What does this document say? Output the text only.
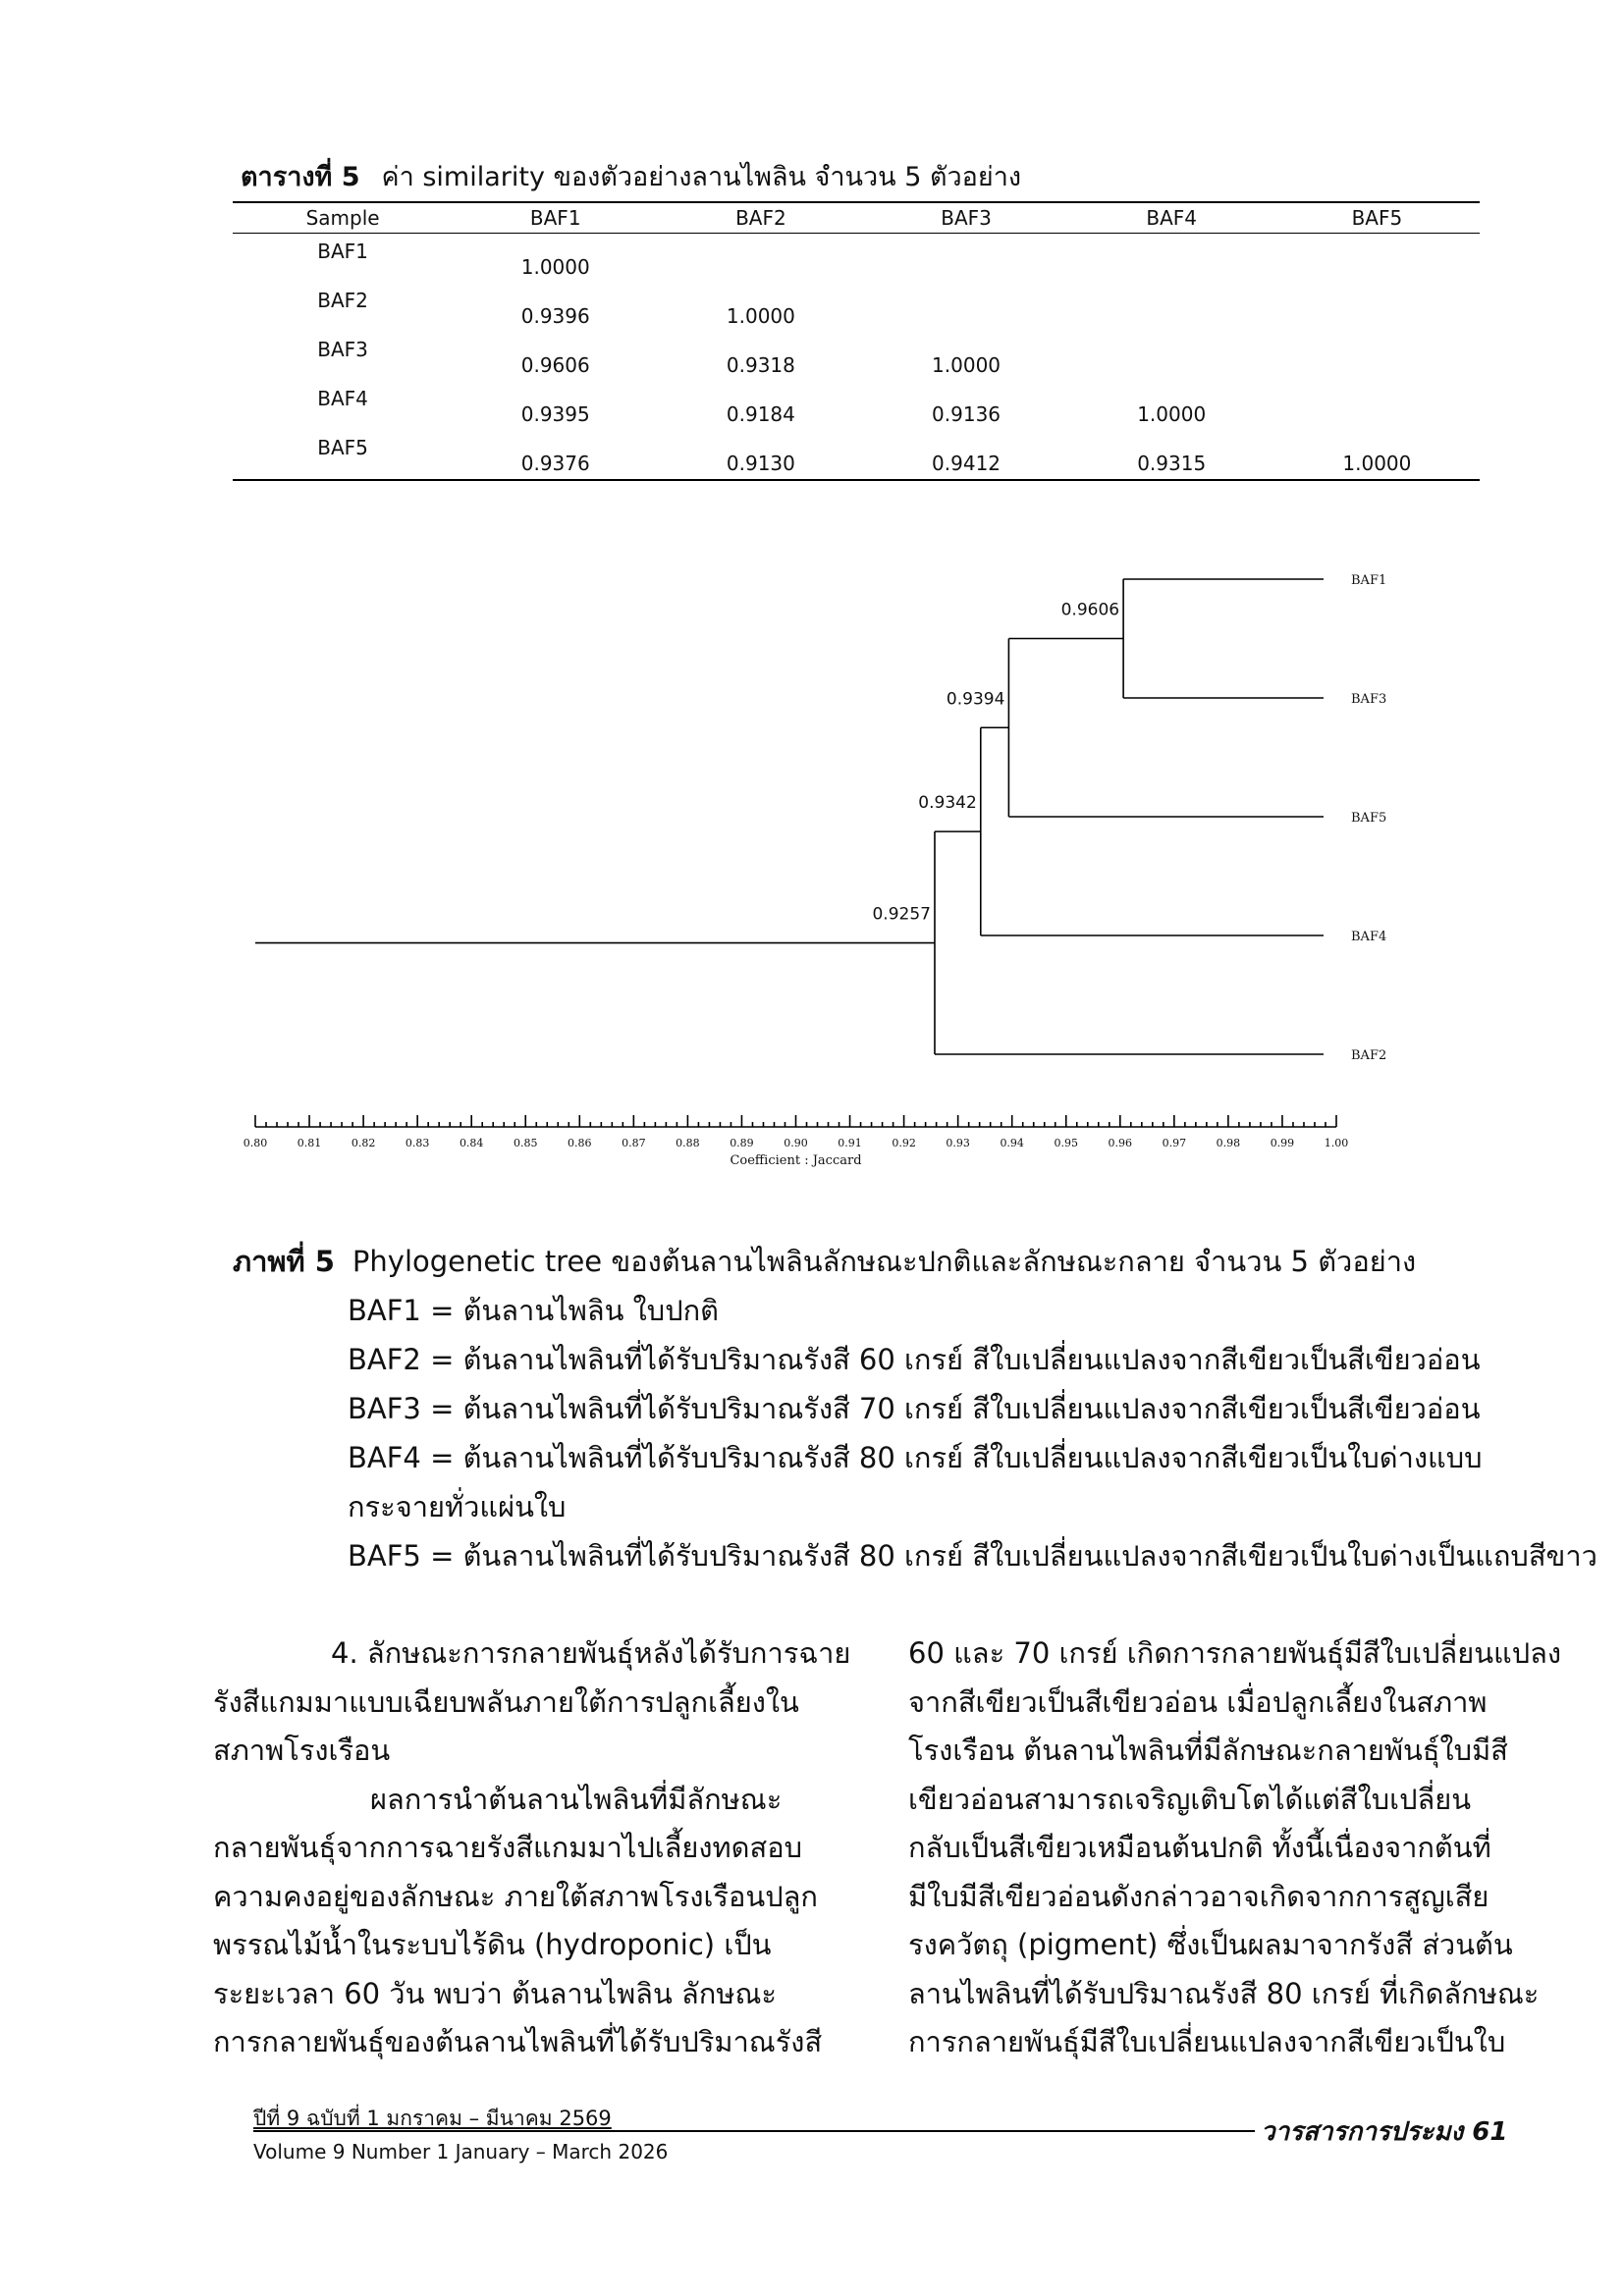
ตารางที่ 5 ค่า similarity ของตัวอย่างลานไพลิน จำนวน 5 ตัวอย่าง
Sample	BAF1	BAF2	BAF3	BAF4	BAF5
BAF1	1.0000				
BAF2	0.9396	1.0000			
BAF3	0.9606	0.9318	1.0000		
BAF4	0.9395	0.9184	0.9136	1.0000	
BAF5	0.9376	0.9130	0.9412	0.9315	1.0000
0.9606
0.9394
0.9342
0.9257
BAF1
BAF3
BAF5
BAF4
BAF2
0.80	0.81	0.82	0.83	0.84	0.85	0.86	0.87	0.88	0.89	0.90	0.91	0.92	0.93	0.94	0.95	0.96	0.97	0.98	0.99	1.00
Coefficient : Jaccard
ภาพที่ 5 Phylogenetic tree ของต้นลานไพลินลักษณะปกติและลักษณะกลาย จำนวน 5 ตัวอย่าง
BAF1 = ต้นลานไพลิน ใบปกติ
BAF2 = ต้นลานไพลินที่ได้รับปริมาณรังสี 60 เกรย์ สีใบเปลี่ยนแปลงจากสีเขียวเป็นสีเขียวอ่อน
BAF3 = ต้นลานไพลินที่ได้รับปริมาณรังสี 70 เกรย์ สีใบเปลี่ยนแปลงจากสีเขียวเป็นสีเขียวอ่อน
BAF4 = ต้นลานไพลินที่ได้รับปริมาณรังสี 80 เกรย์ สีใบเปลี่ยนแปลงจากสีเขียวเป็นใบด่างแบบ
กระจายทั่วแผ่นใบ
BAF5 = ต้นลานไพลินที่ได้รับปริมาณรังสี 80 เกรย์ สีใบเปลี่ยนแปลงจากสีเขียวเป็นใบด่างเป็นแถบสีขาว
4. ลักษณะการกลายพันธุ์หลังได้รับการฉาย
รังสีแกมมาแบบเฉียบพลันภายใต้การปลูกเลี้ยงใน
สภาพโรงเรือน
ผลการนำต้นลานไพลินที่มีลักษณะ
กลายพันธุ์จากการฉายรังสีแกมมาไปเลี้ยงทดสอบ
ความคงอยู่ของลักษณะ ภายใต้สภาพโรงเรือนปลูก
พรรณไม้น้ำในระบบไร้ดิน (hydroponic) เป็น
ระยะเวลา 60 วัน พบว่า ต้นลานไพลิน ลักษณะ
การกลายพันธุ์ของต้นลานไพลินที่ได้รับปริมาณรังสี
60 และ 70 เกรย์ เกิดการกลายพันธุ์มีสีใบเปลี่ยนแปลง
จากสีเขียวเป็นสีเขียวอ่อน เมื่อปลูกเลี้ยงในสภาพ
โรงเรือน ต้นลานไพลินที่มีลักษณะกลายพันธุ์ใบมีสี
เขียวอ่อนสามารถเจริญเติบโตได้แต่สีใบเปลี่ยน
กลับเป็นสีเขียวเหมือนต้นปกติ ทั้งนี้เนื่องจากต้นที่
มีใบมีสีเขียวอ่อนดังกล่าวอาจเกิดจากการสูญเสีย
รงควัตถุ (pigment) ซึ่งเป็นผลมาจากรังสี ส่วนต้น
ลานไพลินที่ได้รับปริมาณรังสี 80 เกรย์ ที่เกิดลักษณะ
การกลายพันธุ์มีสีใบเปลี่ยนแปลงจากสีเขียวเป็นใบ
ปีที่ 9 ฉบับที่ 1 มกราคม – มีนาคม 2569	วารสารการประมง 61
Volume 9 Number 1 January – March 2026
